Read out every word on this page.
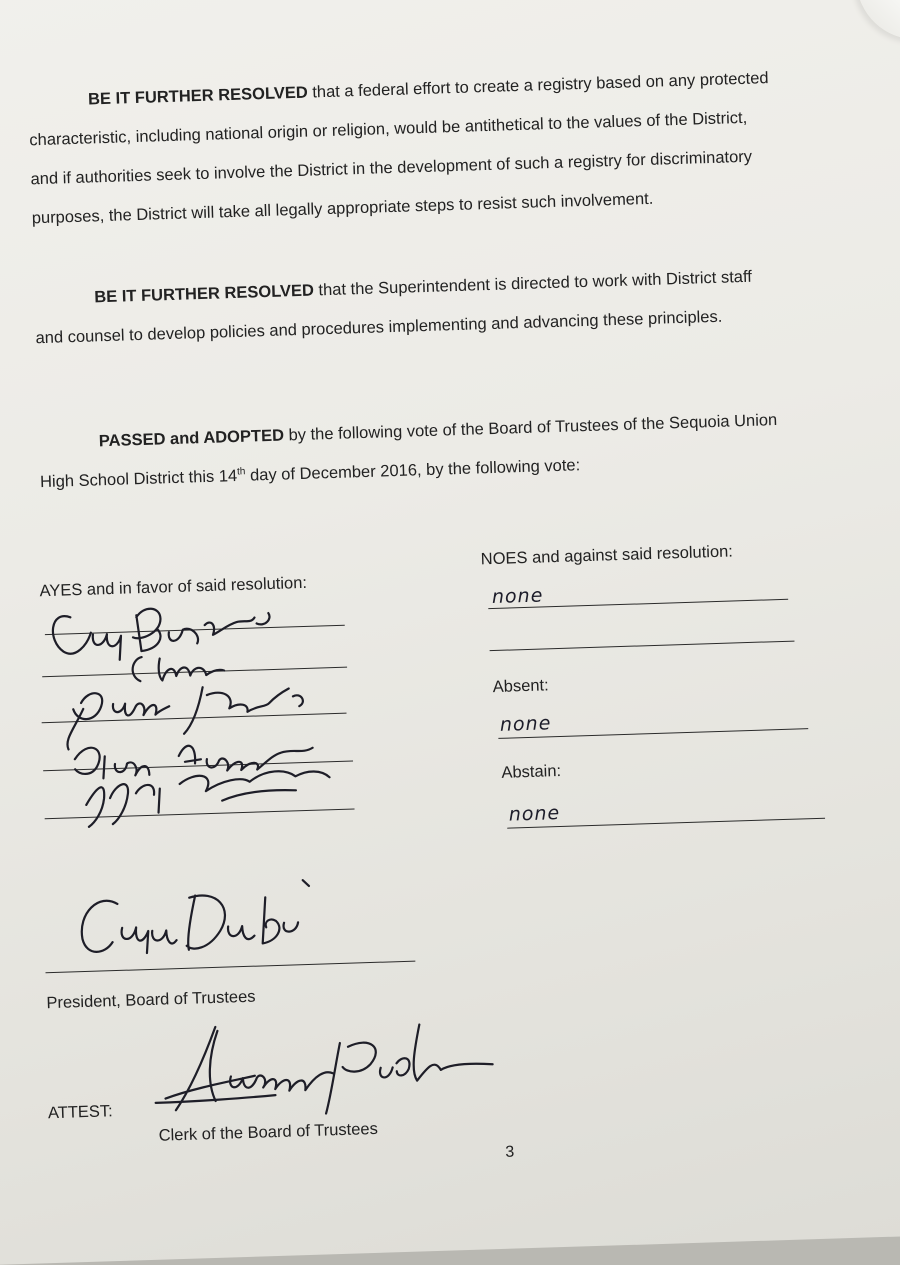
BE IT FURTHER RESOLVED that a federal effort to create a registry based on any protected characteristic, including national origin or religion, would be antithetical to the values of the District, and if authorities seek to involve the District in the development of such a registry for discriminatory purposes, the District will take all legally appropriate steps to resist such involvement.

BE IT FURTHER RESOLVED that the Superintendent is directed to work with District staff and counsel to develop policies and procedures implementing and advancing these principles.

PASSED and ADOPTED by the following vote of the Board of Trustees of the Sequoia Union High School District this 14th day of December 2016, by the following vote:

AYES and in favor of said resolution:
NOES and against said resolution:
none
Absent:
none
Abstain:
none
President, Board of Trustees
ATTEST:
Clerk of the Board of Trustees
3
